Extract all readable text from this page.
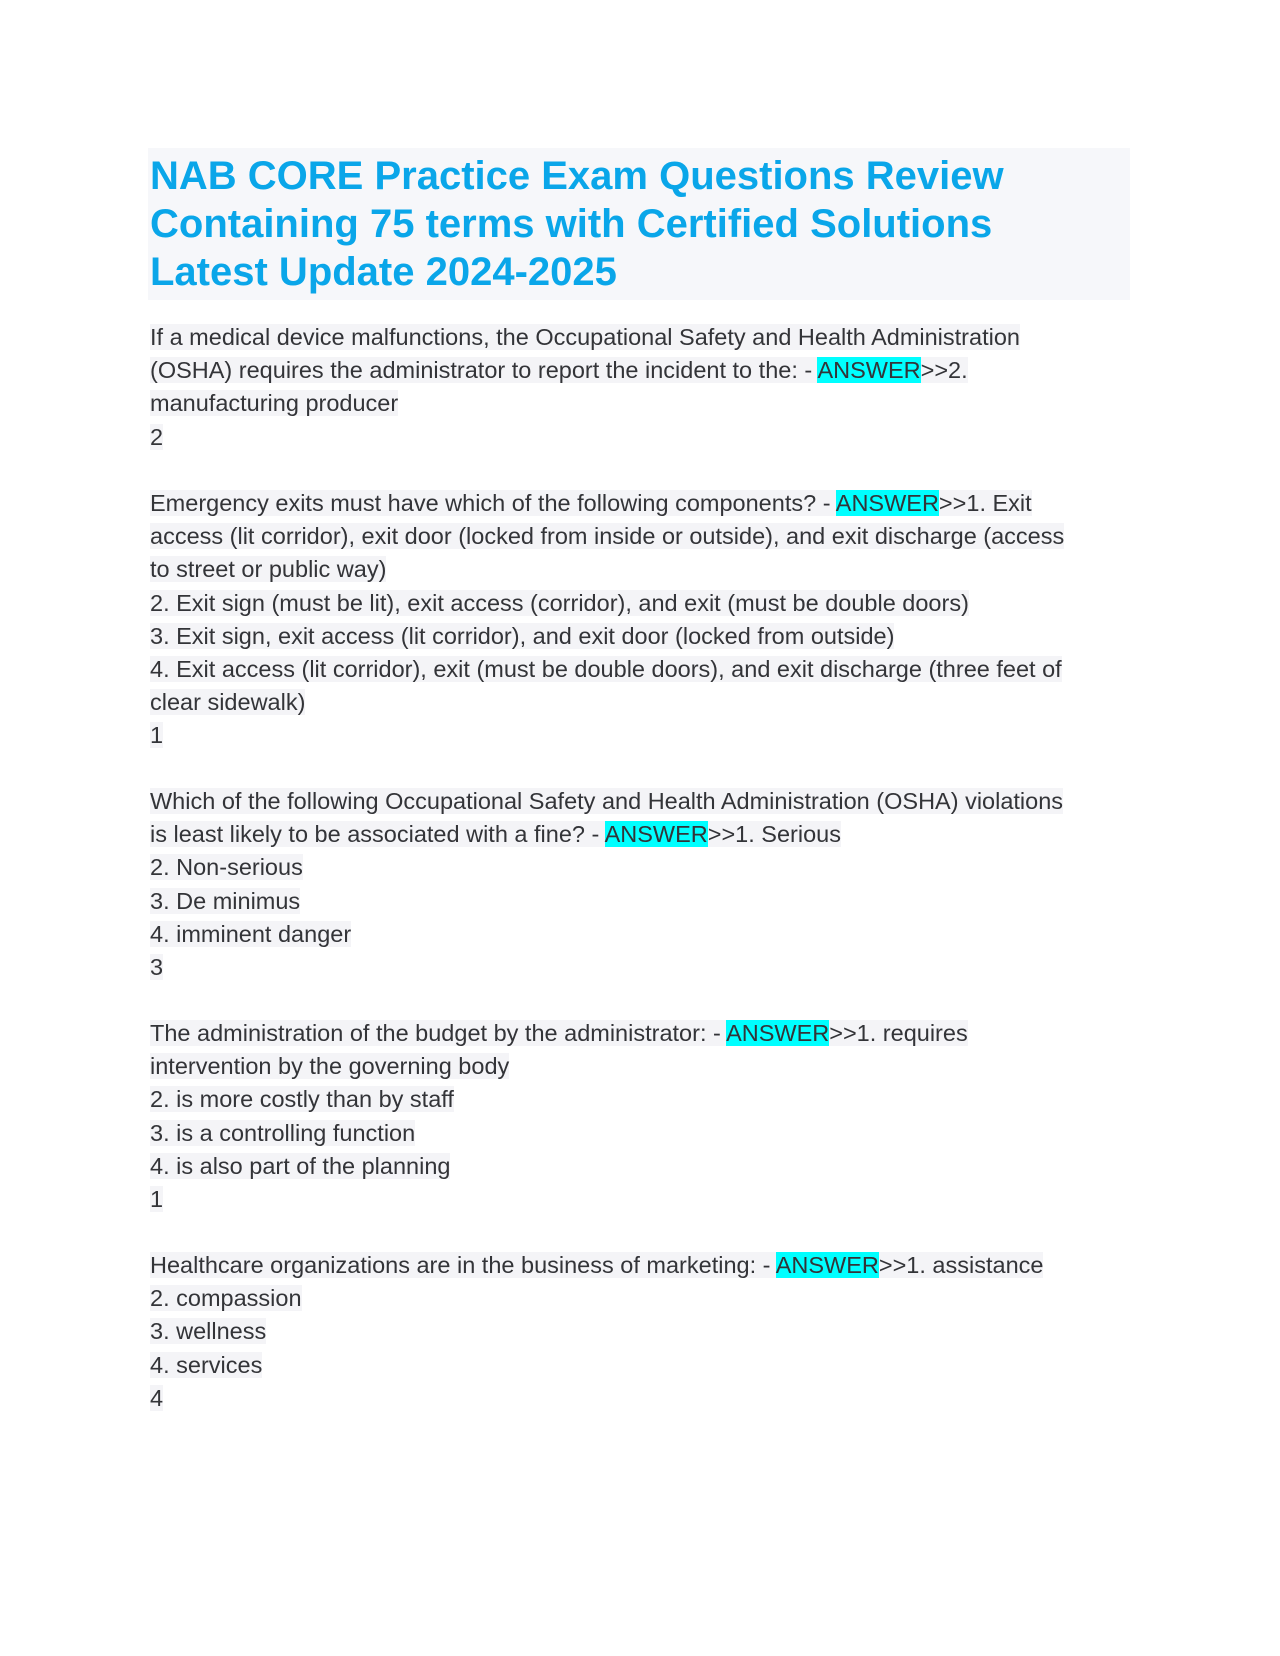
NAB CORE Practice Exam Questions Review
Containing 75 terms with Certified Solutions
Latest Update 2024-2025
If a medical device malfunctions, the Occupational Safety and Health Administration
(OSHA) requires the administrator to report the incident to the: - ANSWER>>2.
manufacturing producer
2
Emergency exits must have which of the following components? - ANSWER>>1. Exit
access (lit corridor), exit door (locked from inside or outside), and exit discharge (access
to street or public way)
2. Exit sign (must be lit), exit access (corridor), and exit (must be double doors)
3. Exit sign, exit access (lit corridor), and exit door (locked from outside)
4. Exit access (lit corridor), exit (must be double doors), and exit discharge (three feet of
clear sidewalk)
1
Which of the following Occupational Safety and Health Administration (OSHA) violations
is least likely to be associated with a fine? - ANSWER>>1. Serious
2. Non-serious
3. De minimus
4. imminent danger
3
The administration of the budget by the administrator: - ANSWER>>1. requires
intervention by the governing body
2. is more costly than by staff
3. is a controlling function
4. is also part of the planning
1
Healthcare organizations are in the business of marketing: - ANSWER>>1. assistance
2. compassion
3. wellness
4. services
4
